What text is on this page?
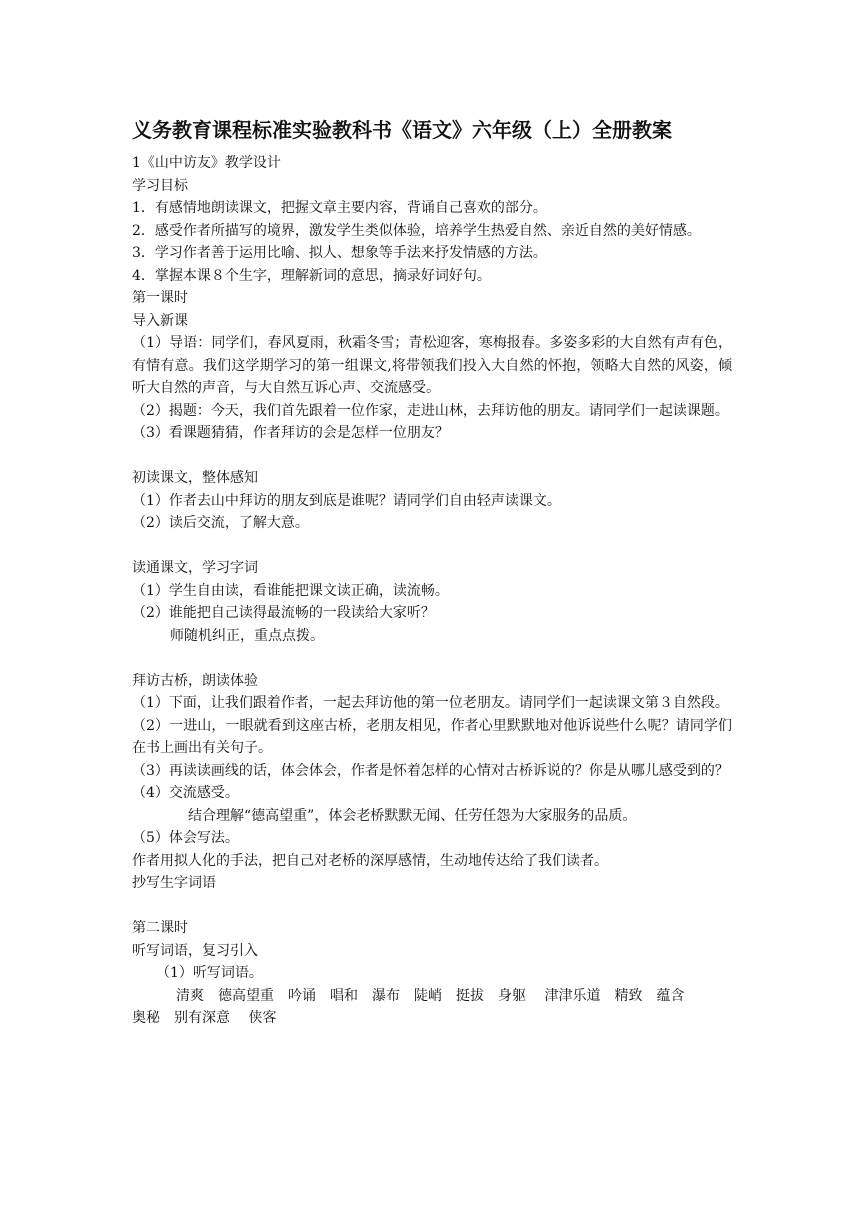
义务教育课程标准实验教科书《语文》六年级（上）全册教案

1《山中访友》教学设计

学习目标

1．有感情地朗读课文，把握文章主要内容，背诵自己喜欢的部分。

2．感受作者所描写的境界，激发学生类似体验，培养学生热爱自然、亲近自然的美好情感。

3．学习作者善于运用比喻、拟人、想象等手法来抒发情感的方法。

4．掌握本课８个生字，理解新词的意思，摘录好词好句。

第一课时

导入新课

（1）导语：同学们，春风夏雨，秋霜冬雪；青松迎客，寒梅报春。多姿多彩的大自然有声有色，有情有意。我们这学期学习的第一组课文,将带领我们投入大自然的怀抱，领略大自然的风姿，倾听大自然的声音，与大自然互诉心声、交流感受。

（2）揭题：今天，我们首先跟着一位作家，走进山林，去拜访他的朋友。请同学们一起读课题。

（3）看课题猜猜，作者拜访的会是怎样一位朋友？

初读课文，整体感知

（1）作者去山中拜访的朋友到底是谁呢？请同学们自由轻声读课文。

（2）读后交流，了解大意。

读通课文，学习字词

（1）学生自由读，看谁能把课文读正确，读流畅。

（2）谁能把自己读得最流畅的一段读给大家听？

师随机纠正，重点点拨。

拜访古桥，朗读体验

（1）下面，让我们跟着作者，一起去拜访他的第一位老朋友。请同学们一起读课文第３自然段。

（2）一进山，一眼就看到这座古桥，老朋友相见，作者心里默默地对他诉说些什么呢？请同学们在书上画出有关句子。

（3）再读读画线的话，体会体会，作者是怀着怎样的心情对古桥诉说的？你是从哪儿感受到的？

（4）交流感受。

结合理解“德高望重”，体会老桥默默无闻、任劳任怨为大家服务的品质。

（5）体会写法。

作者用拟人化的手法，把自己对老桥的深厚感情，生动地传达给了我们读者。

抄写生字词语

第二课时

听写词语，复习引入

（1）听写词语。

清爽　德高望重　吟诵　唱和　瀑布　陡峭　挺拔　身躯　 津津乐道　精致　蕴含

奥秘　别有深意　 侠客
